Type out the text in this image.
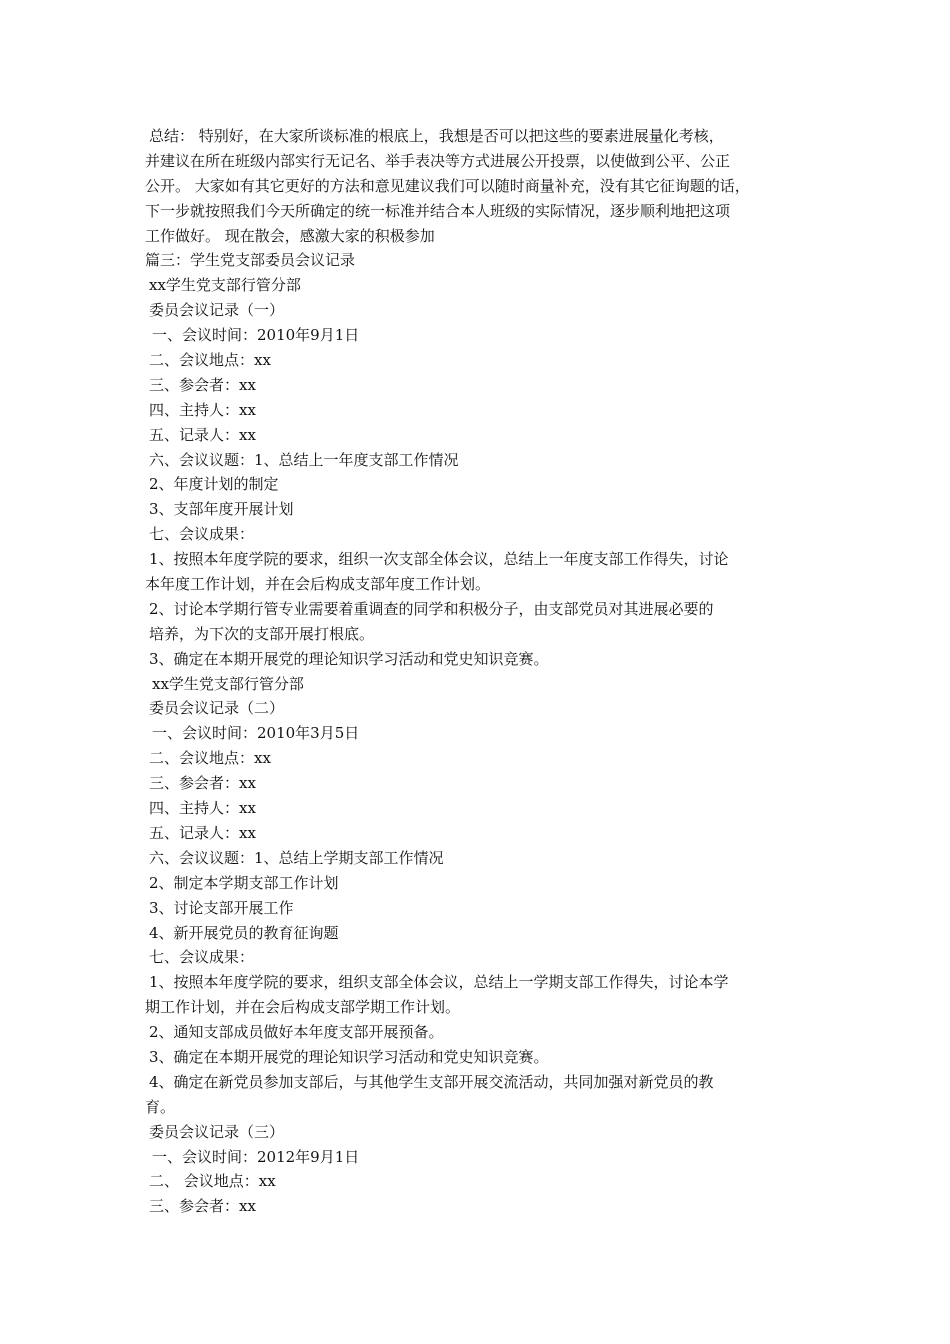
总结： 特别好，在大家所谈标准的根底上，我想是否可以把这些的要素进展量化考核，
并建议在所在班级内部实行无记名、举手表决等方式进展公开投票，以使做到公平、公正
公开。 大家如有其它更好的方法和意见建议我们可以随时商量补充，没有其它征询题的话，
下一步就按照我们今天所确定的统一标准并结合本人班级的实际情况，逐步顺利地把这项
工作做好。 现在散会，感激大家的积极参加
篇三：学生党支部委员会议记录
xx学生党支部行管分部
委员会议记录（一）
一、会议时间：2010年9月1日
二、会议地点：xx
三、参会者：xx
四、主持人：xx
五、记录人：xx
六、会议议题：1、总结上一年度支部工作情况
2、年度计划的制定
3、支部年度开展计划
七、会议成果：
1、按照本年度学院的要求，组织一次支部全体会议，总结上一年度支部工作得失，讨论
本年度工作计划，并在会后构成支部年度工作计划。
2、讨论本学期行管专业需要着重调查的同学和积极分子，由支部党员对其进展必要的
培养，为下次的支部开展打根底。
3、确定在本期开展党的理论知识学习活动和党史知识竞赛。
xx学生党支部行管分部
委员会议记录（二）
一、会议时间：2010年3月5日
二、会议地点：xx
三、参会者：xx
四、主持人：xx
五、记录人：xx
六、会议议题：1、总结上学期支部工作情况
2、制定本学期支部工作计划
3、讨论支部开展工作
4、新开展党员的教育征询题
七、会议成果：
1、按照本年度学院的要求，组织支部全体会议，总结上一学期支部工作得失，讨论本学
期工作计划，并在会后构成支部学期工作计划。
2、通知支部成员做好本年度支部开展预备。
3、确定在本期开展党的理论知识学习活动和党史知识竞赛。
4、确定在新党员参加支部后，与其他学生支部开展交流活动，共同加强对新党员的教
育。
委员会议记录（三）
一、会议时间：2012年9月1日
二、 会议地点：xx
三、参会者：xx
